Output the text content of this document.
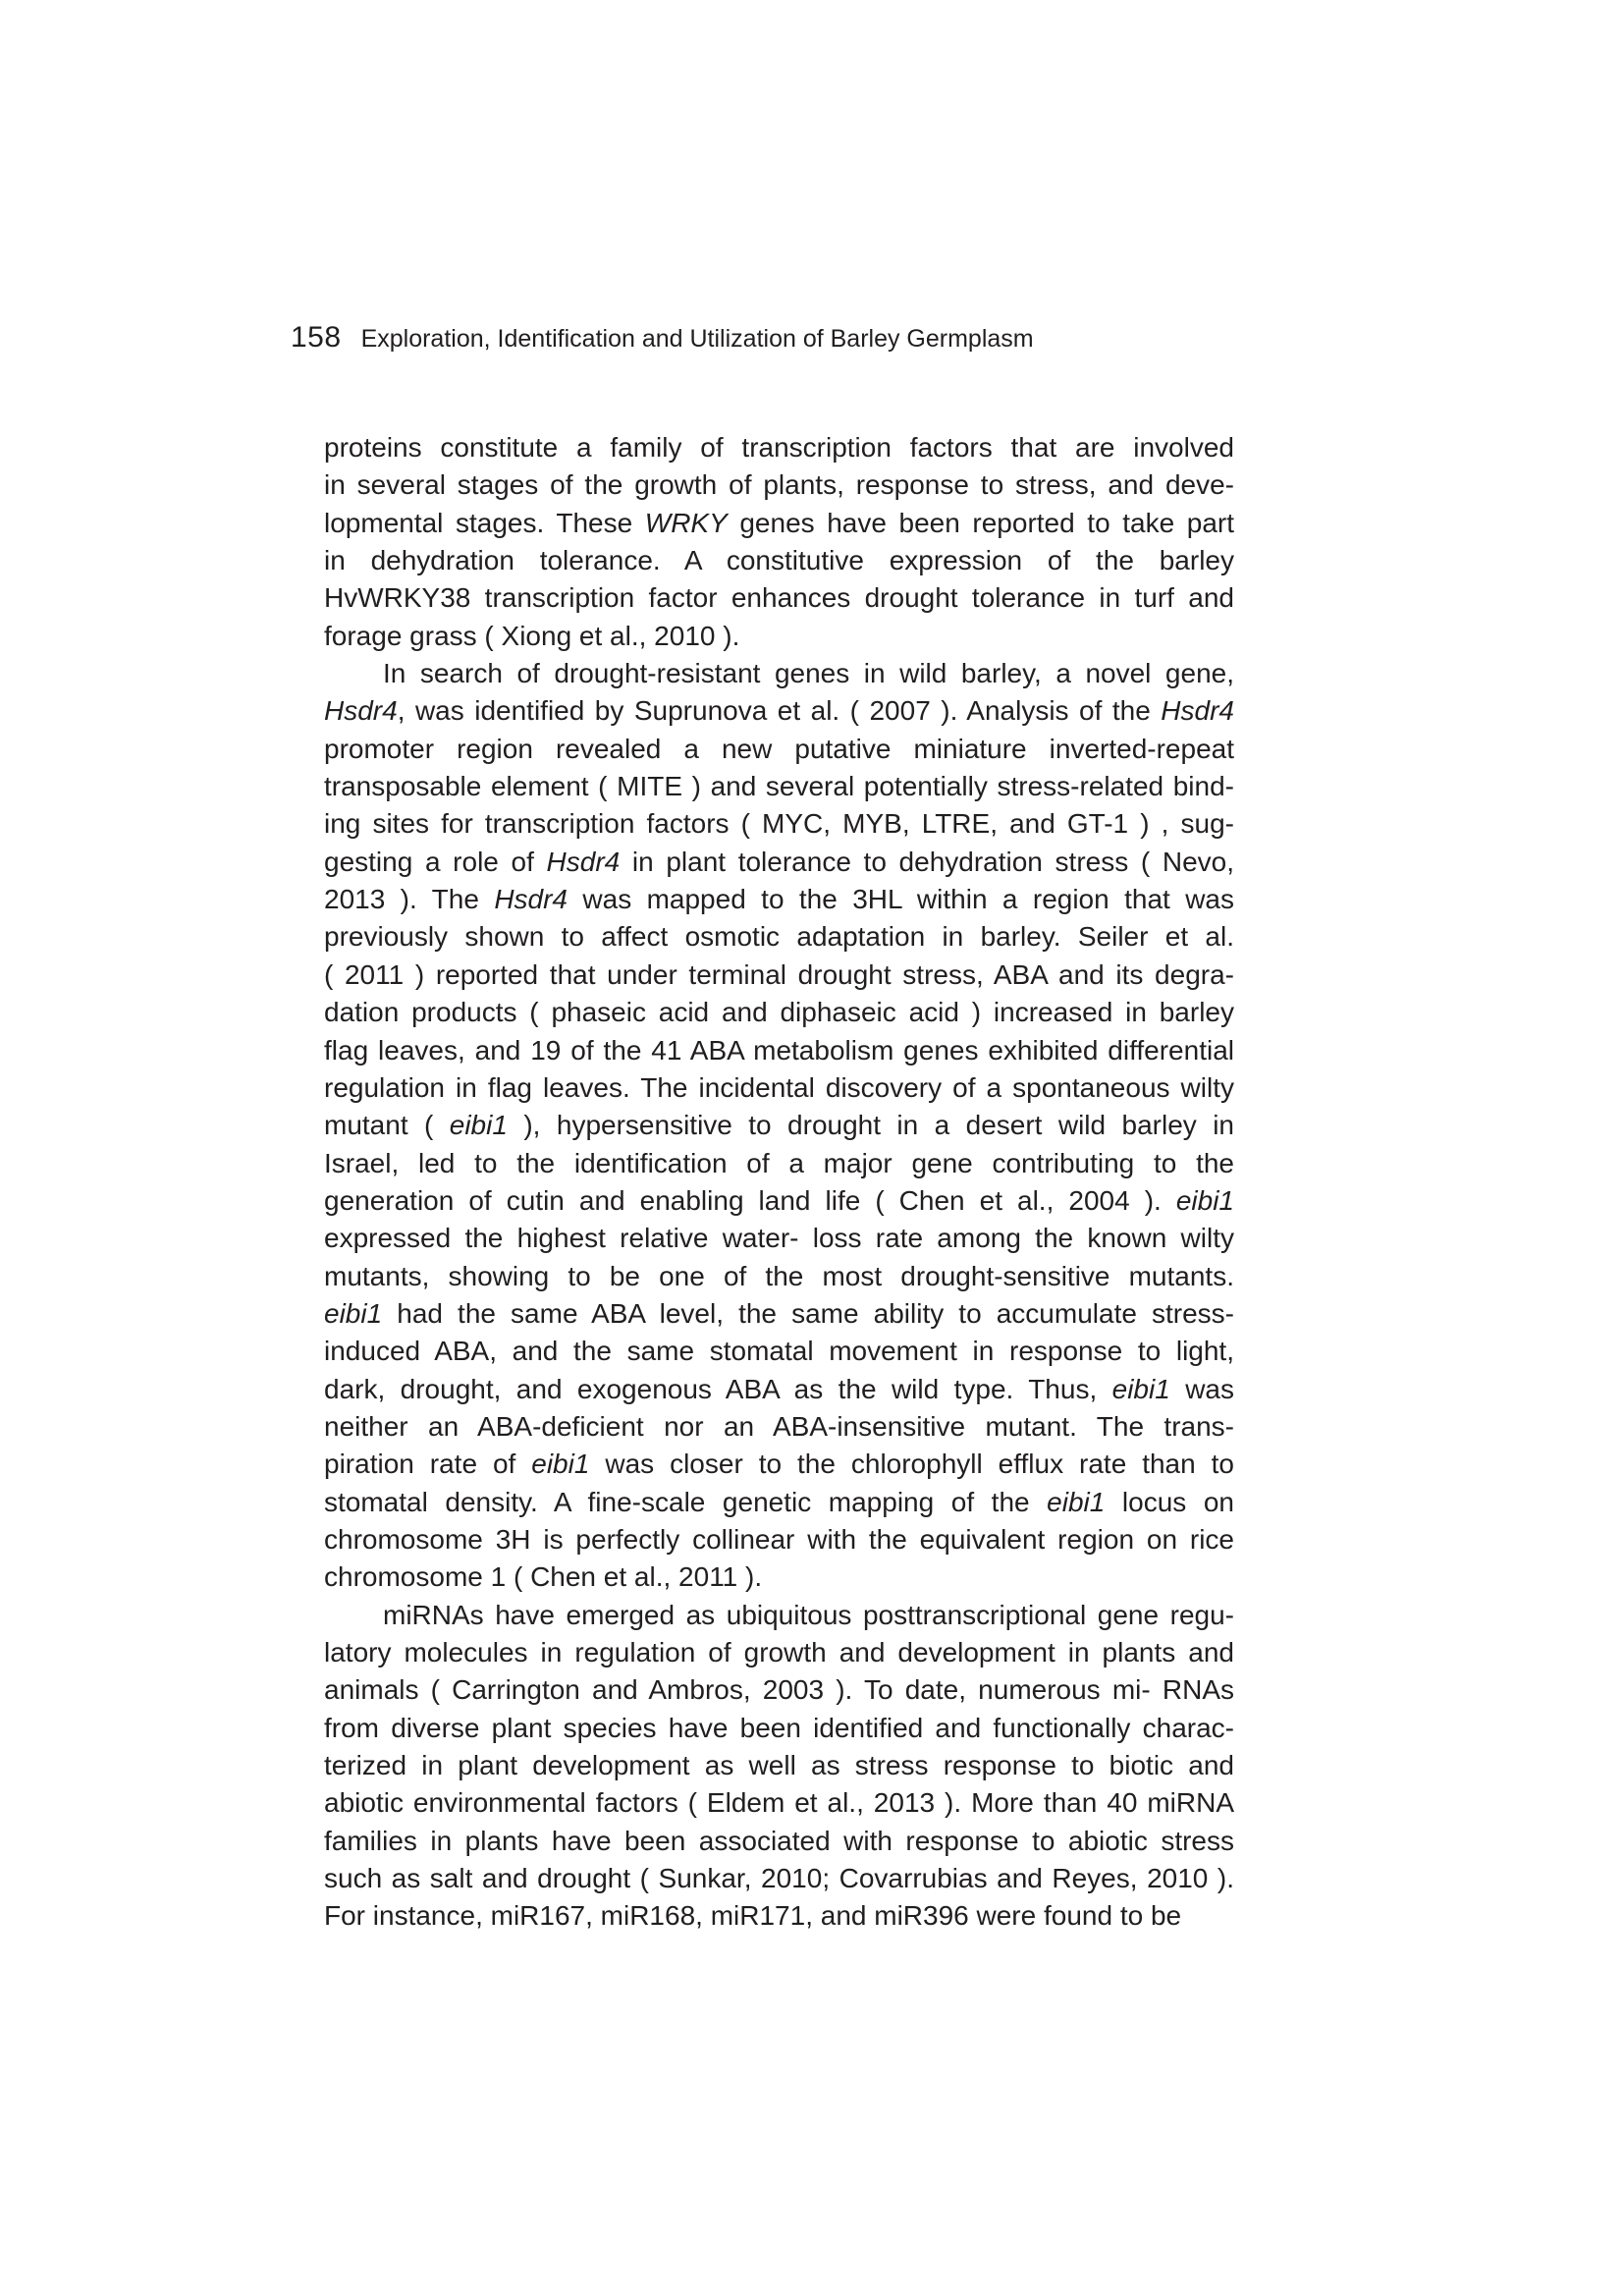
158 Exploration, Identification and Utilization of Barley Germplasm
proteins constitute a family of transcription factors that are involved
in several stages of the growth of plants, response to stress, and deve-
lopmental stages. These WRKY genes have been reported to take part
in dehydration tolerance. A constitutive expression of the barley
HvWRKY38 transcription factor enhances drought tolerance in turf and
forage grass ( Xiong et al., 2010 ).
In search of drought-resistant genes in wild barley, a novel gene,
Hsdr4, was identified by Suprunova et al. ( 2007 ). Analysis of the Hsdr4
promoter region revealed a new putative miniature inverted-repeat
transposable element ( MITE ) and several potentially stress-related bind-
ing sites for transcription factors ( MYC, MYB, LTRE, and GT-1 ) , sug-
gesting a role of Hsdr4 in plant tolerance to dehydration stress ( Nevo,
2013 ). The Hsdr4 was mapped to the 3HL within a region that was
previously shown to affect osmotic adaptation in barley. Seiler et al.
( 2011 ) reported that under terminal drought stress, ABA and its degra-
dation products ( phaseic acid and diphaseic acid ) increased in barley
flag leaves, and 19 of the 41 ABA metabolism genes exhibited differential
regulation in flag leaves. The incidental discovery of a spontaneous wilty
mutant ( eibi1 ), hypersensitive to drought in a desert wild barley in
Israel, led to the identification of a major gene contributing to the
generation of cutin and enabling land life ( Chen et al., 2004 ). eibi1
expressed the highest relative water- loss rate among the known wilty
mutants, showing to be one of the most drought-sensitive mutants.
eibi1 had the same ABA level, the same ability to accumulate stress-
induced ABA, and the same stomatal movement in response to light,
dark, drought, and exogenous ABA as the wild type. Thus, eibi1 was
neither an ABA-deficient nor an ABA-insensitive mutant. The trans-
piration rate of eibi1 was closer to the chlorophyll efflux rate than to
stomatal density. A fine-scale genetic mapping of the eibi1 locus on
chromosome 3H is perfectly collinear with the equivalent region on rice
chromosome 1 ( Chen et al., 2011 ).
miRNAs have emerged as ubiquitous posttranscriptional gene regu-
latory molecules in regulation of growth and development in plants and
animals ( Carrington and Ambros, 2003 ). To date, numerous mi- RNAs
from diverse plant species have been identified and functionally charac-
terized in plant development as well as stress response to biotic and
abiotic environmental factors ( Eldem et al., 2013 ). More than 40 miRNA
families in plants have been associated with response to abiotic stress
such as salt and drought ( Sunkar, 2010; Covarrubias and Reyes, 2010 ).
For instance, miR167, miR168, miR171, and miR396 were found to be
